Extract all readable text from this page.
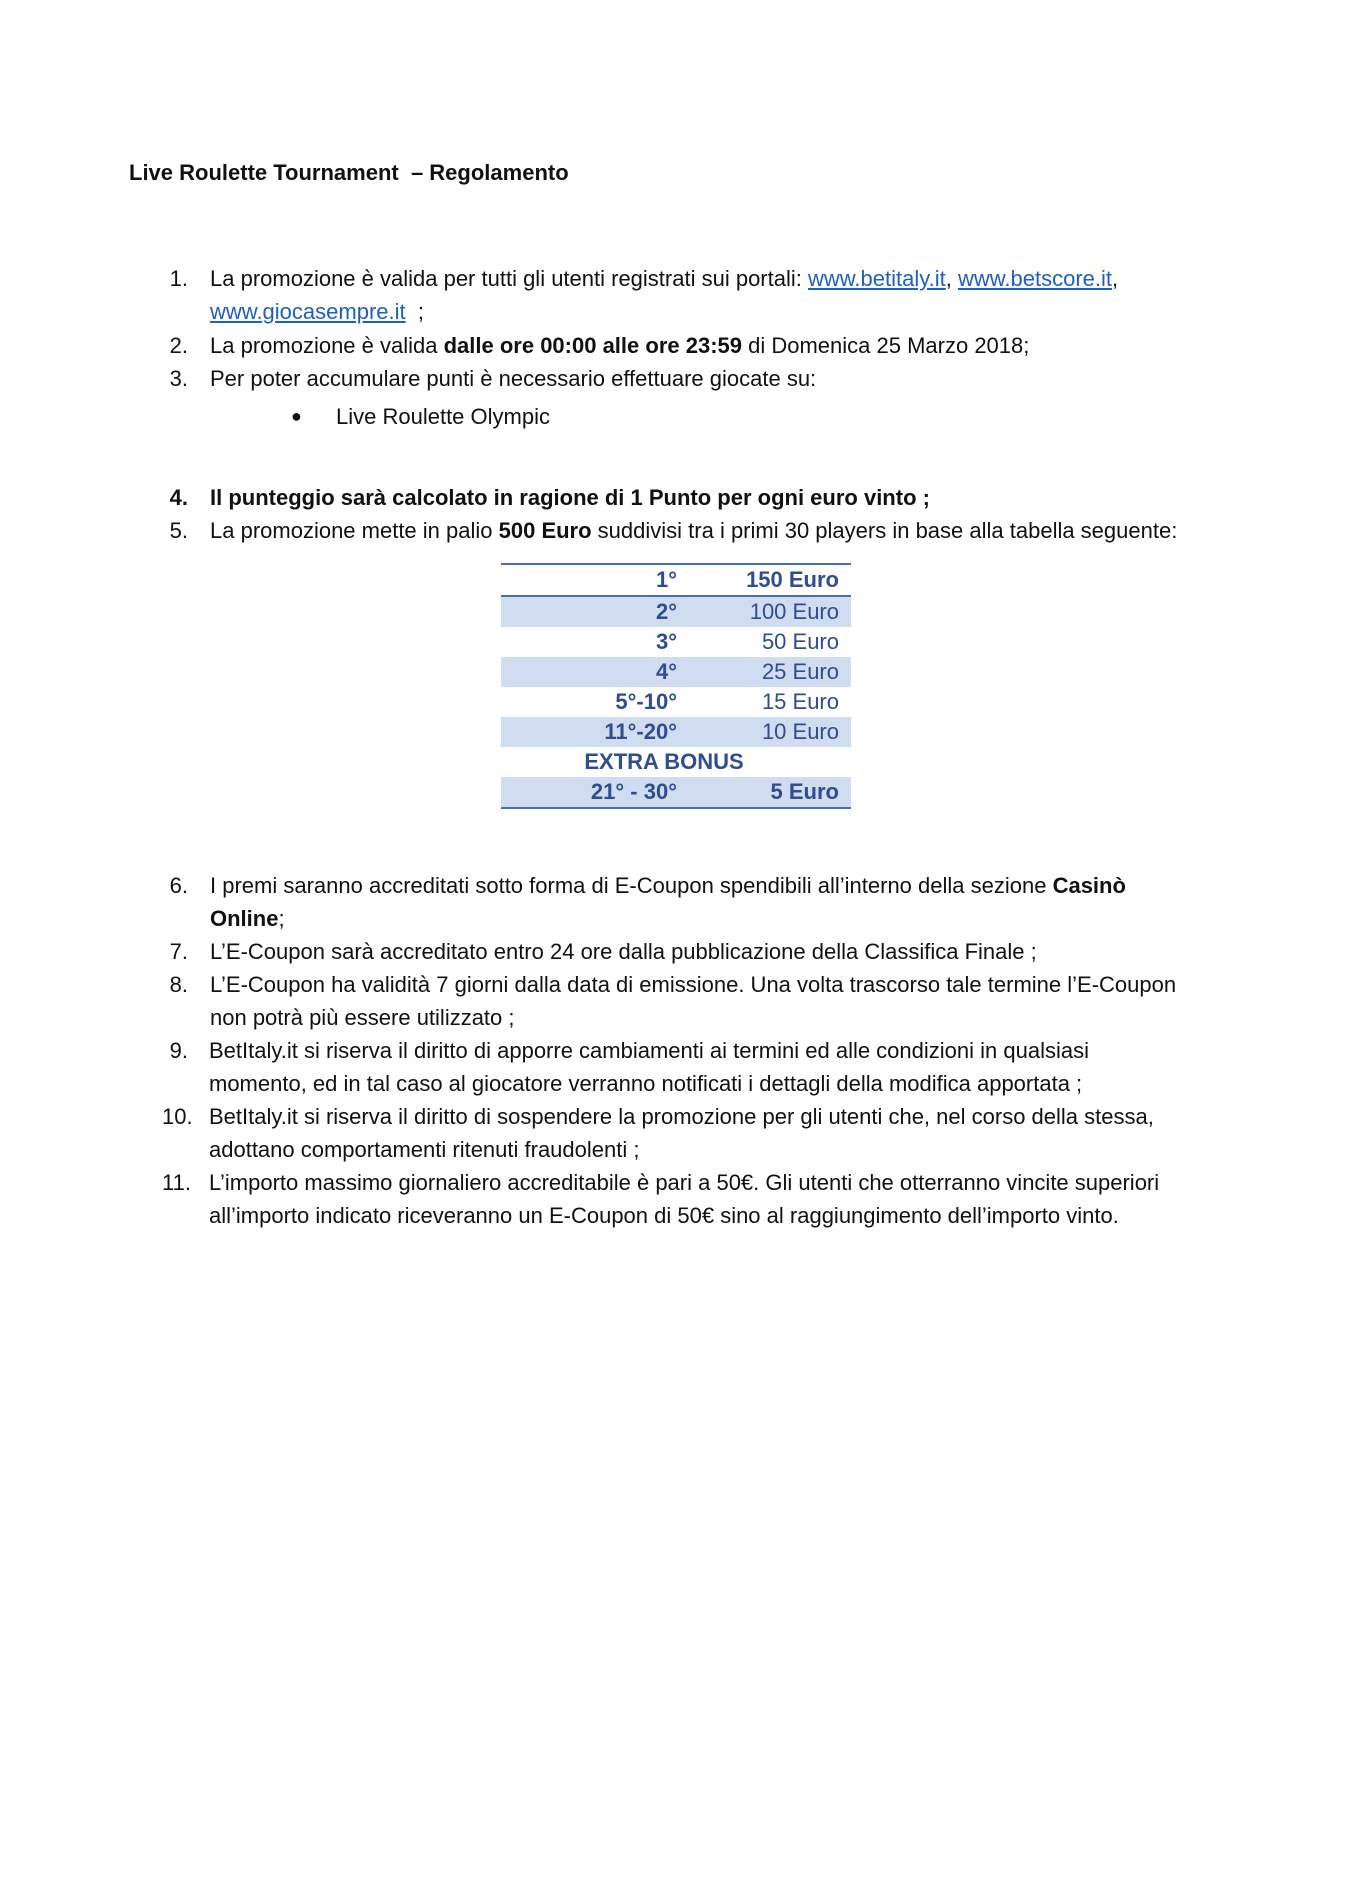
Live Roulette Tournament  – Regolamento
1. La promozione è valida per tutti gli utenti registrati sui portali: www.betitaly.it, www.betscore.it,
www.giocasempre.it  ;
2. La promozione è valida dalle ore 00:00 alle ore 23:59 di Domenica 25 Marzo 2018;
3. Per poter accumulare punti è necessario effettuare giocate su:
● Live Roulette Olympic
4. Il punteggio sarà calcolato in ragione di 1 Punto per ogni euro vinto ;
5. La promozione mette in palio 500 Euro suddivisi tra i primi 30 players in base alla tabella seguente:
1°	150 Euro
2°	100 Euro
3°	50 Euro
4°	25 Euro
5°-10°	15 Euro
11°-20°	10 Euro
EXTRA BONUS	
21° - 30°	5 Euro
6. I premi saranno accreditati sotto forma di E-Coupon spendibili all’interno della sezione Casinò
Online;
7. L’E-Coupon sarà accreditato entro 24 ore dalla pubblicazione della Classifica Finale ;
8. L’E-Coupon ha validità 7 giorni dalla data di emissione. Una volta trascorso tale termine l’E-Coupon
non potrà più essere utilizzato ;
9. BetItaly.it si riserva il diritto di apporre cambiamenti ai termini ed alle condizioni in qualsiasi
momento, ed in tal caso al giocatore verranno notificati i dettagli della modifica apportata ;
10. BetItaly.it si riserva il diritto di sospendere la promozione per gli utenti che, nel corso della stessa,
adottano comportamenti ritenuti fraudolenti ;
11. L’importo massimo giornaliero accreditabile è pari a 50€. Gli utenti che otterranno vincite superiori
all’importo indicato riceveranno un E-Coupon di 50€ sino al raggiungimento dell’importo vinto.
